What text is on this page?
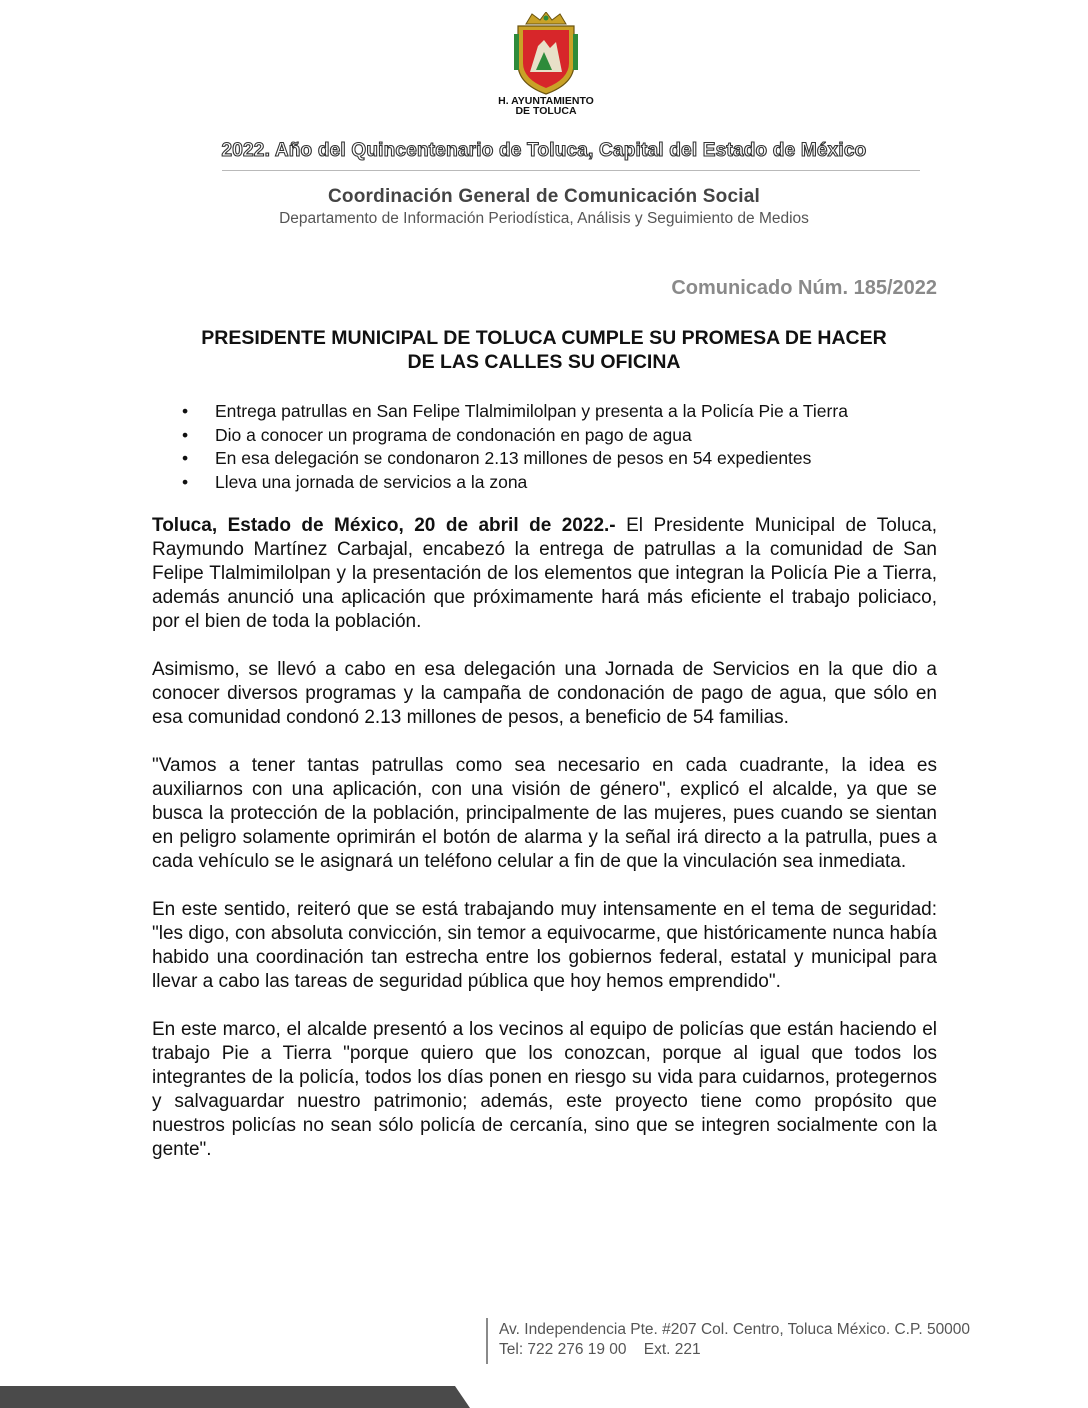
H. AYUNTAMIENTO
DE TOLUCA
2022. Año del Quincentenario de Toluca, Capital del Estado de México
Coordinación General de Comunicación Social
Departamento de Información Periodística, Análisis y Seguimiento de Medios
Comunicado Núm. 185/2022
PRESIDENTE MUNICIPAL DE TOLUCA CUMPLE SU PROMESA DE HACER
DE LAS CALLES SU OFICINA
• Entrega patrullas en San Felipe Tlalmimilolpan y presenta a la Policía Pie a Tierra
• Dio a conocer un programa de condonación en pago de agua
• En esa delegación se condonaron 2.13 millones de pesos en 54 expedientes
• Lleva una jornada de servicios a la zona

Toluca, Estado de México, 20 de abril de 2022.- El Presidente Municipal de Toluca, Raymundo Martínez Carbajal, encabezó la entrega de patrullas a la comunidad de San Felipe Tlalmimilolpan y la presentación de los elementos que integran la Policía Pie a Tierra, además anunció una aplicación que próximamente hará más eficiente el trabajo policiaco, por el bien de toda la población.

Asimismo, se llevó a cabo en esa delegación una Jornada de Servicios en la que dio a conocer diversos programas y la campaña de condonación de pago de agua, que sólo en esa comunidad condonó 2.13 millones de pesos, a beneficio de 54 familias.

"Vamos a tener tantas patrullas como sea necesario en cada cuadrante, la idea es auxiliarnos con una aplicación, con una visión de género", explicó el alcalde, ya que se busca la protección de la población, principalmente de las mujeres, pues cuando se sientan en peligro solamente oprimirán el botón de alarma y la señal irá directo a la patrulla, pues a cada vehículo se le asignará un teléfono celular a fin de que la vinculación sea inmediata.

En este sentido, reiteró que se está trabajando muy intensamente en el tema de seguridad: "les digo, con absoluta convicción, sin temor a equivocarme, que históricamente nunca había habido una coordinación tan estrecha entre los gobiernos federal, estatal y municipal para llevar a cabo las tareas de seguridad pública que hoy hemos emprendido".

En este marco, el alcalde presentó a los vecinos al equipo de policías que están haciendo el trabajo Pie a Tierra "porque quiero que los conozcan, porque al igual que todos los integrantes de la policía, todos los días ponen en riesgo su vida para cuidarnos, protegernos y salvaguardar nuestro patrimonio; además, este proyecto tiene como propósito que nuestros policías no sean sólo policía de cercanía, sino que se integren socialmente con la gente".

Av. Independencia Pte. #207 Col. Centro, Toluca México. C.P. 50000
Tel: 722 276 19 00    Ext. 221
